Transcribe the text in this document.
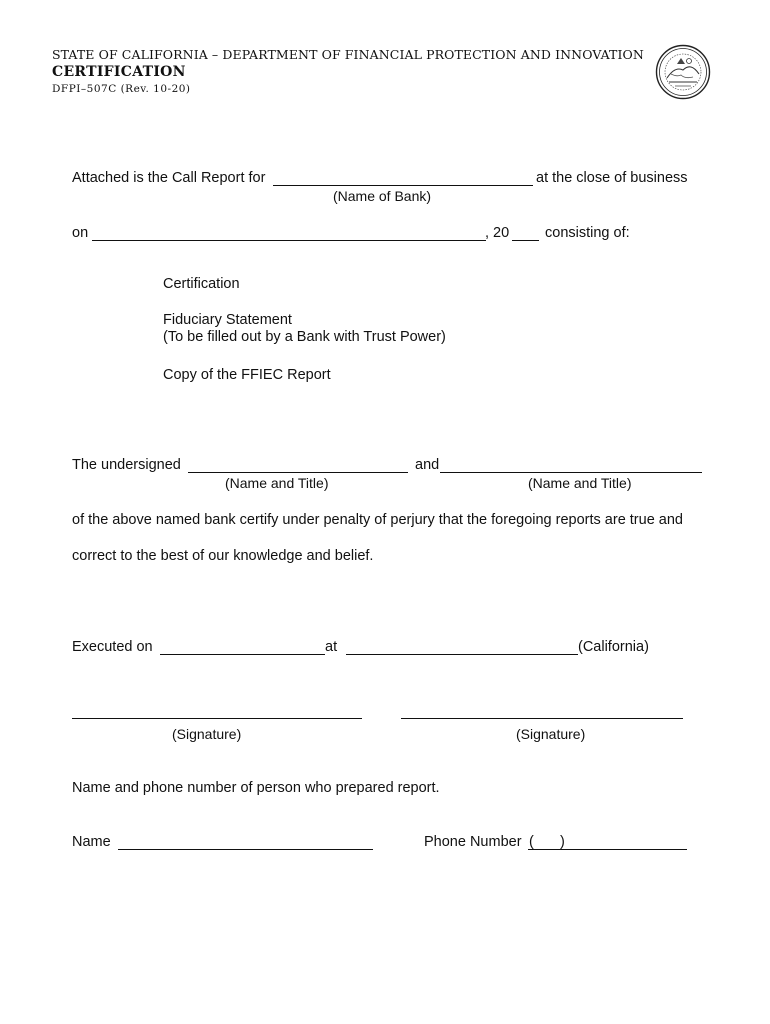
STATE OF CALIFORNIA – DEPARTMENT OF FINANCIAL PROTECTION AND INNOVATION
CERTIFICATION
DFPI–507C (Rev. 10-20)
Attached is the Call Report for	at the close of business
(Name of Bank)
on	, 20 consisting of:
Certification
Fiduciary Statement
(To be filled out by a Bank with Trust Power)
Copy of the FFIEC Report
The undersigned	and
(Name and Title)	(Name and Title)
of the above named bank certify under penalty of perjury that the foregoing reports are true and
correct to the best of our knowledge and belief.
Executed on	at	(California)
(Signature)	(Signature)
Name and phone number of person who prepared report.
Name	Phone Number ( )
